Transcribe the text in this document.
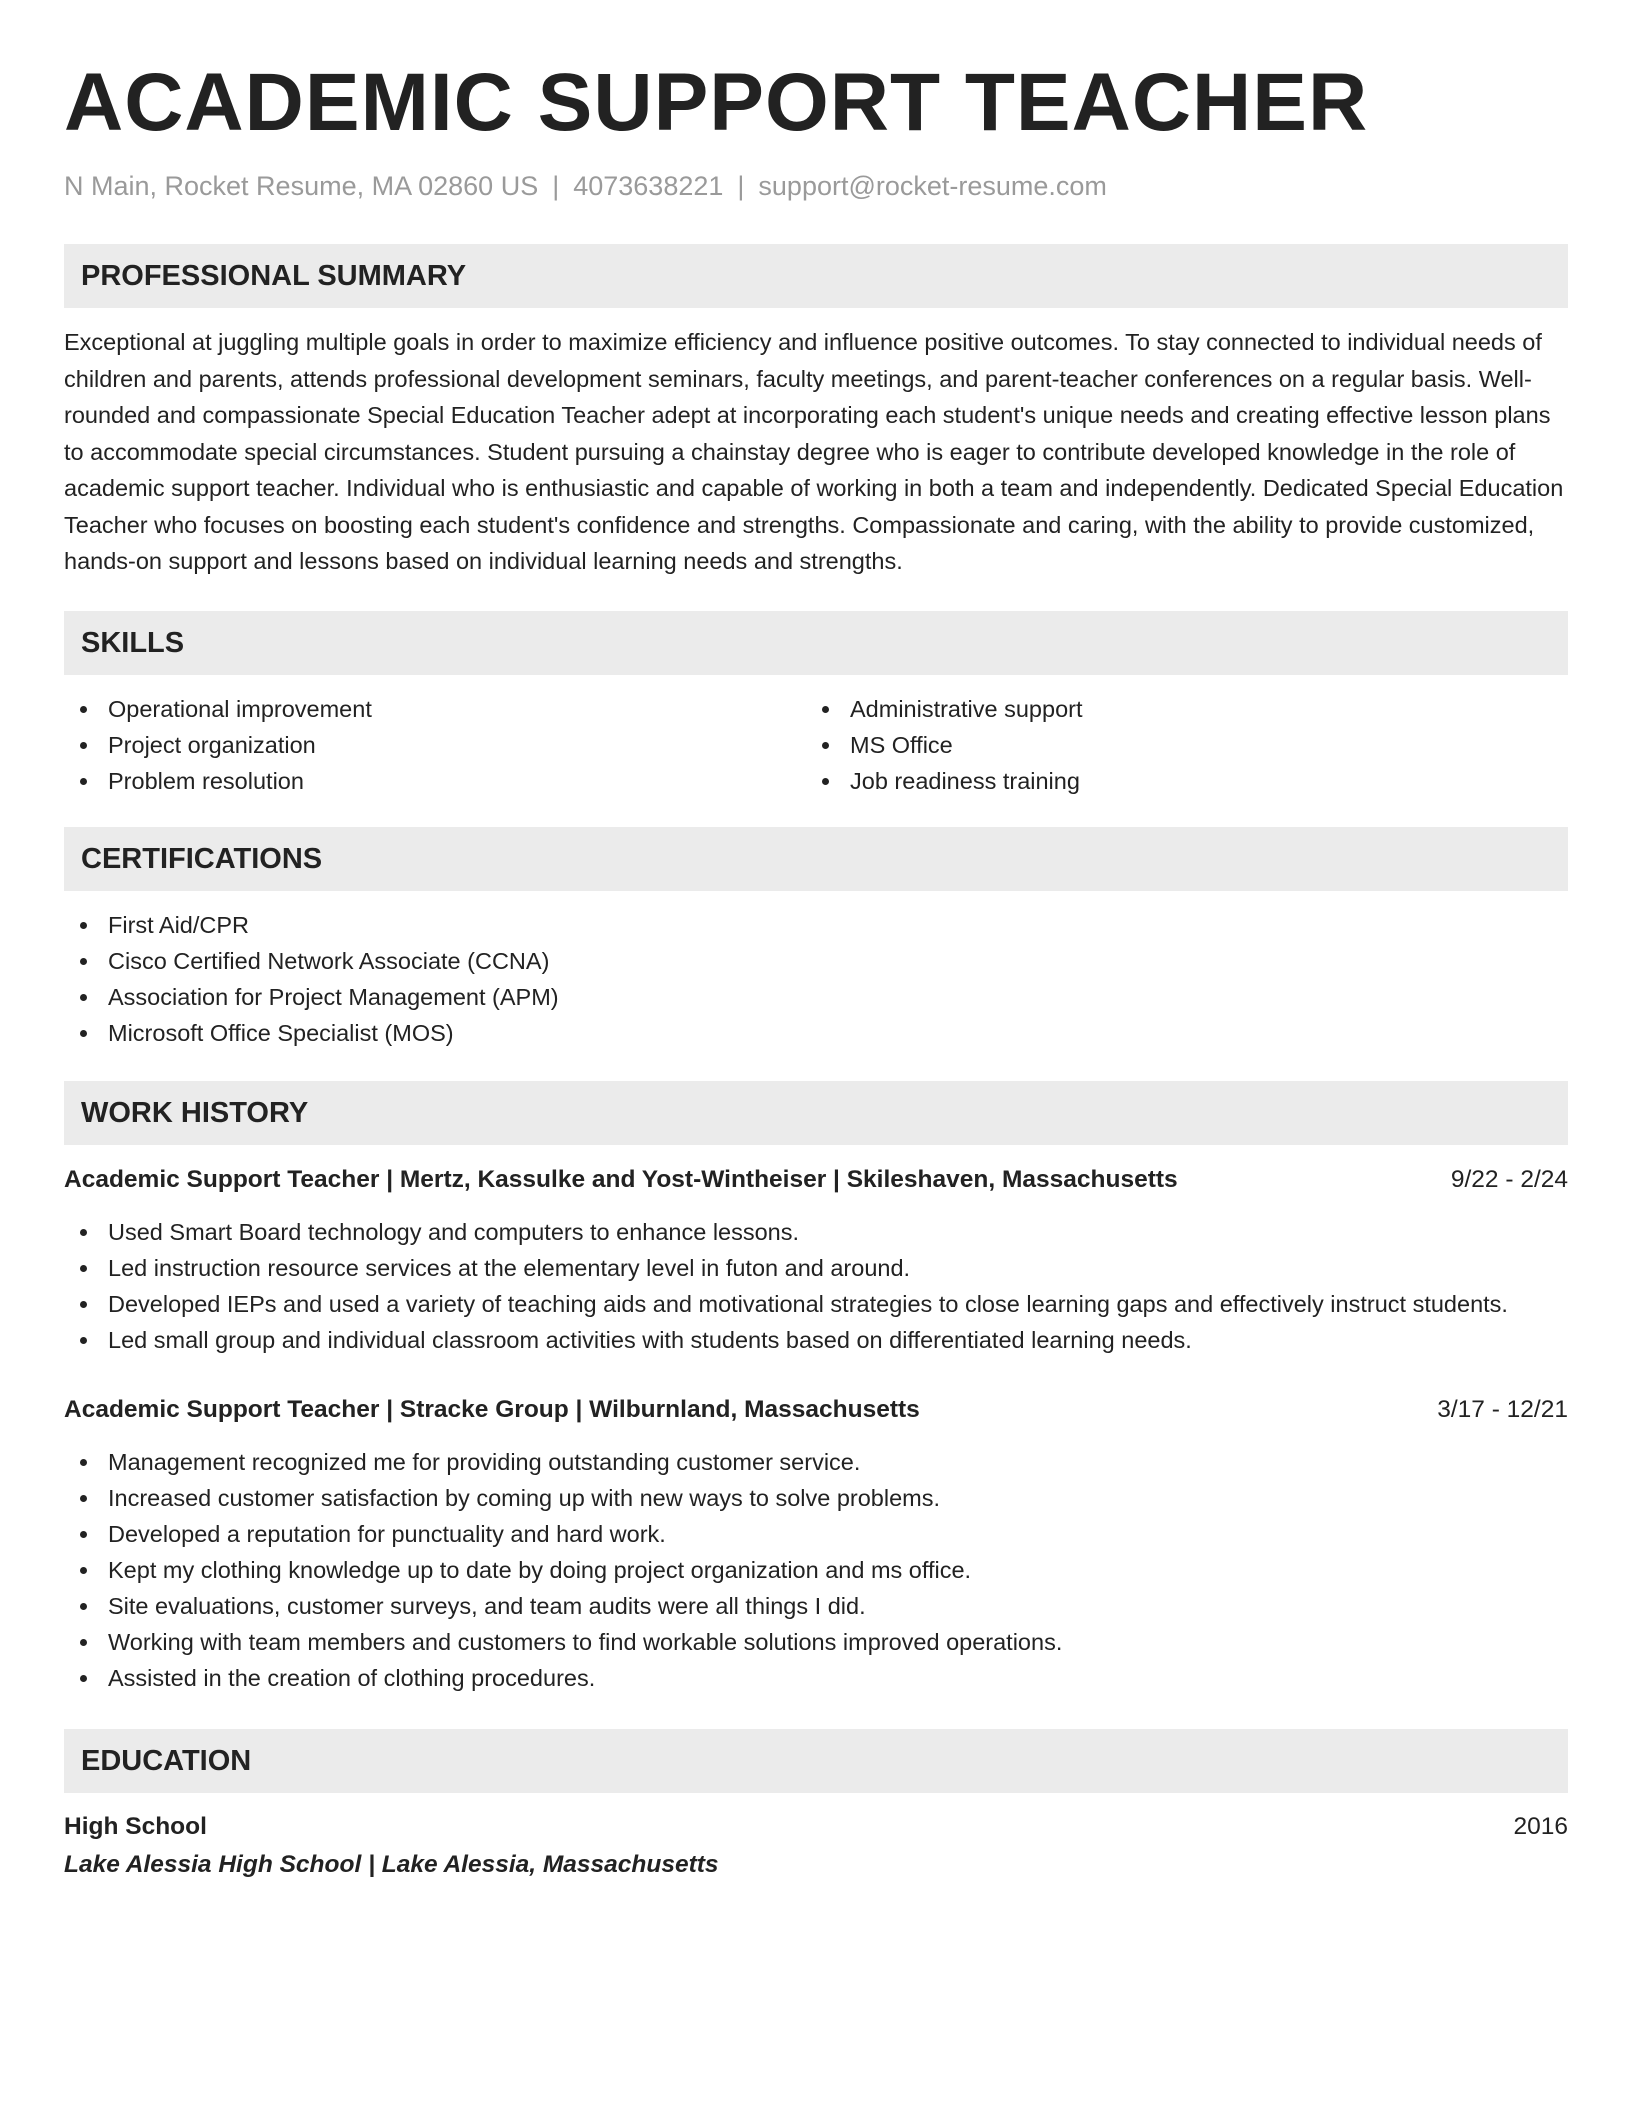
ACADEMIC SUPPORT TEACHER
N Main, Rocket Resume, MA 02860 US | 4073638221 | support@rocket-resume.com
PROFESSIONAL SUMMARY

Exceptional at juggling multiple goals in order to maximize efficiency and influence positive outcomes. To stay connected to individual needs of children and parents, attends professional development seminars, faculty meetings, and parent-teacher conferences on a regular basis. Well-rounded and compassionate Special Education Teacher adept at incorporating each student's unique needs and creating effective lesson plans to accommodate special circumstances. Student pursuing a chainstay degree who is eager to contribute developed knowledge in the role of academic support teacher. Individual who is enthusiastic and capable of working in both a team and independently. Dedicated Special Education Teacher who focuses on boosting each student's confidence and strengths. Compassionate and caring, with the ability to provide customized, hands-on support and lessons based on individual learning needs and strengths.

SKILLS
Operational improvement
Project organization
Problem resolution
Administrative support
MS Office
Job readiness training
CERTIFICATIONS
First Aid/CPR
Cisco Certified Network Associate (CCNA)
Association for Project Management (APM)
Microsoft Office Specialist (MOS)
WORK HISTORY
Academic Support Teacher | Mertz, Kassulke and Yost-Wintheiser | Skileshaven, Massachusetts	9/22 - 2/24
Used Smart Board technology and computers to enhance lessons.
Led instruction resource services at the elementary level in futon and around.
Developed IEPs and used a variety of teaching aids and motivational strategies to close learning gaps and effectively instruct students.
Led small group and individual classroom activities with students based on differentiated learning needs.
Academic Support Teacher | Stracke Group | Wilburnland, Massachusetts	3/17 - 12/21
Management recognized me for providing outstanding customer service.
Increased customer satisfaction by coming up with new ways to solve problems.
Developed a reputation for punctuality and hard work.
Kept my clothing knowledge up to date by doing project organization and ms office.
Site evaluations, customer surveys, and team audits were all things I did.
Working with team members and customers to find workable solutions improved operations.
Assisted in the creation of clothing procedures.
EDUCATION
High School	2016
Lake Alessia High School | Lake Alessia, Massachusetts
